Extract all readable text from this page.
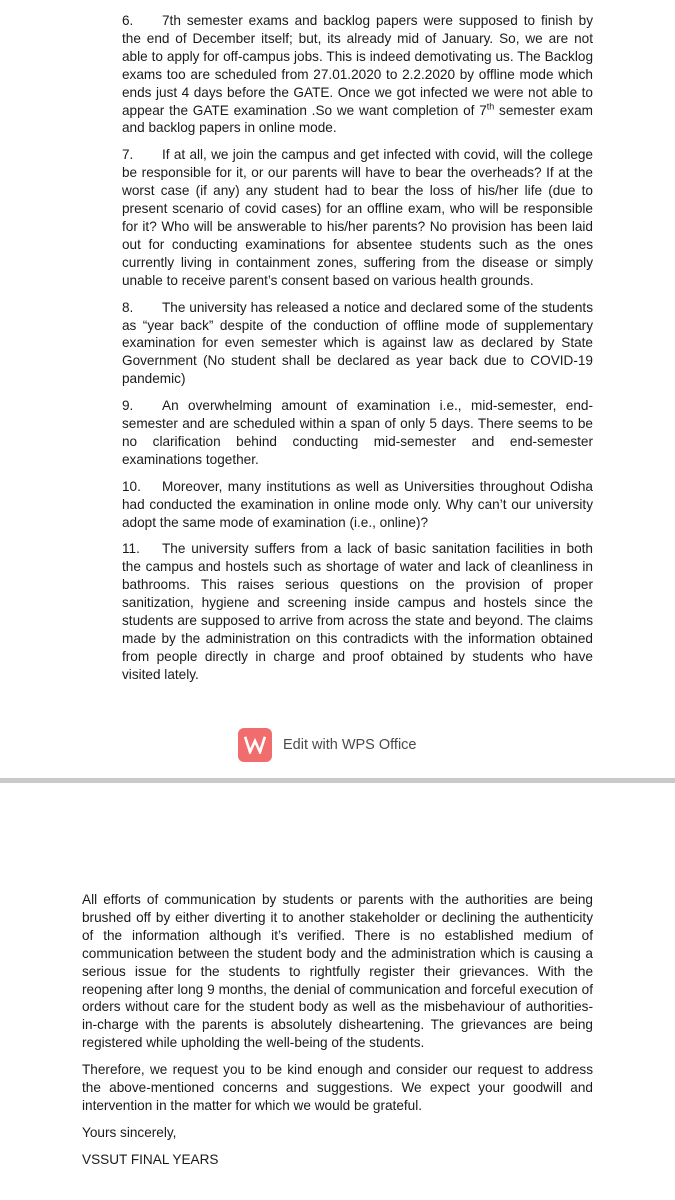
6. 7th semester exams and backlog papers were supposed to finish by the end of December itself; but, its already mid of January. So, we are not able to apply for off-campus jobs. This is indeed demotivating us. The Backlog exams too are scheduled from 27.01.2020 to 2.2.2020 by offline mode which ends just 4 days before the GATE. Once we got infected we were not able to appear the GATE examination .So we want completion of 7th semester exam and backlog papers in online mode.

7. If at all, we join the campus and get infected with covid, will the college be responsible for it, or our parents will have to bear the overheads? If at the worst case (if any) any student had to bear the loss of his/her life (due to present scenario of covid cases) for an offline exam, who will be responsible for it? Who will be answerable to his/her parents? No provision has been laid out for conducting examinations for absentee students such as the ones currently living in containment zones, suffering from the disease or simply unable to receive parent’s consent based on various health grounds.

8. The university has released a notice and declared some of the students as “year back” despite of the conduction of offline mode of supplementary examination for even semester which is against law as declared by State Government (No student shall be declared as year back due to COVID-19 pandemic)

9. An overwhelming amount of examination i.e., mid-semester, end-semester and are scheduled within a span of only 5 days. There seems to be no clarification behind conducting mid-semester and end-semester examinations together.

10. Moreover, many institutions as well as Universities throughout Odisha had conducted the examination in online mode only. Why can’t our university adopt the same mode of examination (i.e., online)?

11. The university suffers from a lack of basic sanitation facilities in both the campus and hostels such as shortage of water and lack of cleanliness in bathrooms. This raises serious questions on the provision of proper sanitization, hygiene and screening inside campus and hostels since the students are supposed to arrive from across the state and beyond. The claims made by the administration on this contradicts with the information obtained from people directly in charge and proof obtained by students who have visited lately.

Edit with WPS Office

All efforts of communication by students or parents with the authorities are being brushed off by either diverting it to another stakeholder or declining the authenticity of the information although it’s verified. There is no established medium of communication between the student body and the administration which is causing a serious issue for the students to rightfully register their grievances. With the reopening after long 9 months, the denial of communication and forceful execution of orders without care for the student body as well as the misbehaviour of authorities-in-charge with the parents is absolutely disheartening. The grievances are being registered while upholding the well-being of the students.

Therefore, we request you to be kind enough and consider our request to address the above-mentioned concerns and suggestions. We expect your goodwill and intervention in the matter for which we would be grateful.

Yours sincerely,

VSSUT FINAL YEARS
